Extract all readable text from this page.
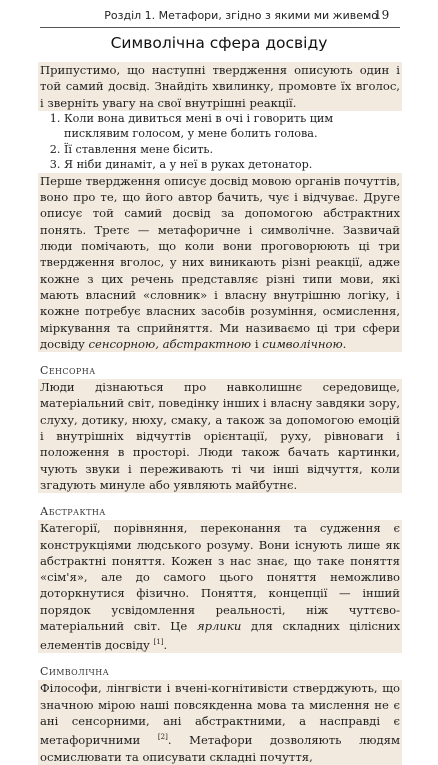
Розділ 1. Метафори, згідно з якими ми живемо
19
Символічна сфера досвіду

Припустимо, що наступні твердження описують один і той самий досвід. Знайдіть хвилинку, промовте їх вголос, і зверніть увагу на свої внутрішні реакції.

1. Коли вона дивиться мені в очі і говорить цим писклявим голосом, у мене болить голова.
2. Її ставлення мене бісить.
3. Я ніби динаміт, а у неї в руках детонатор.

Перше твердження описує досвід мовою органів почуттів, воно про те, що його автор бачить, чує і відчуває. Друге описує той самий досвід за допомогою абстрактних понять. Третє — метафоричне і символічне. Зазвичай люди помічають, що коли вони проговорюють ці три твердження вголос, у них виникають різні реакції, адже кожне з цих речень представляє різні типи мови, які мають власний «словник» і власну внутрішню логіку, і кожне потребує власних засобів розуміння, осмислення, міркування та сприйняття. Ми називаємо ці три сфери досвіду сенсорною, абстрактною і символічною.

Сенсорна

Люди дізнаються про навколишнє середовище, матеріальний світ, поведінку інших і власну завдяки зору, слуху, дотику, нюху, смаку, а також за допомогою емоцій і внутрішніх відчуттів орієнтації, руху, рівноваги і положення в просторі. Люди також бачать картинки, чують звуки і переживають ті чи інші відчуття, коли згадують минуле або уявляють майбутнє.

Абстрактна

Категорії, порівняння, переконання та судження є конструкціями людського розуму. Вони існують лише як абстрактні поняття. Кожен з нас знає, що таке поняття «сім'я», але до самого цього поняття неможливо доторкнутися фізично. Поняття, концепції — інший порядок усвідомлення реальності, ніж чуттєво-матеріальний світ. Це ярлики для складних цілісних елементів досвіду [1].

Символічна

Філософи, лінгвісти і вчені-когнітивісти стверджують, що значною мірою наші повсякденна мова та мислення не є ані сенсорними, ані абстрактними, а насправді є метафоричними	[2]. Метафори дозволяють людям осмислювати та описувати складні почуття,
